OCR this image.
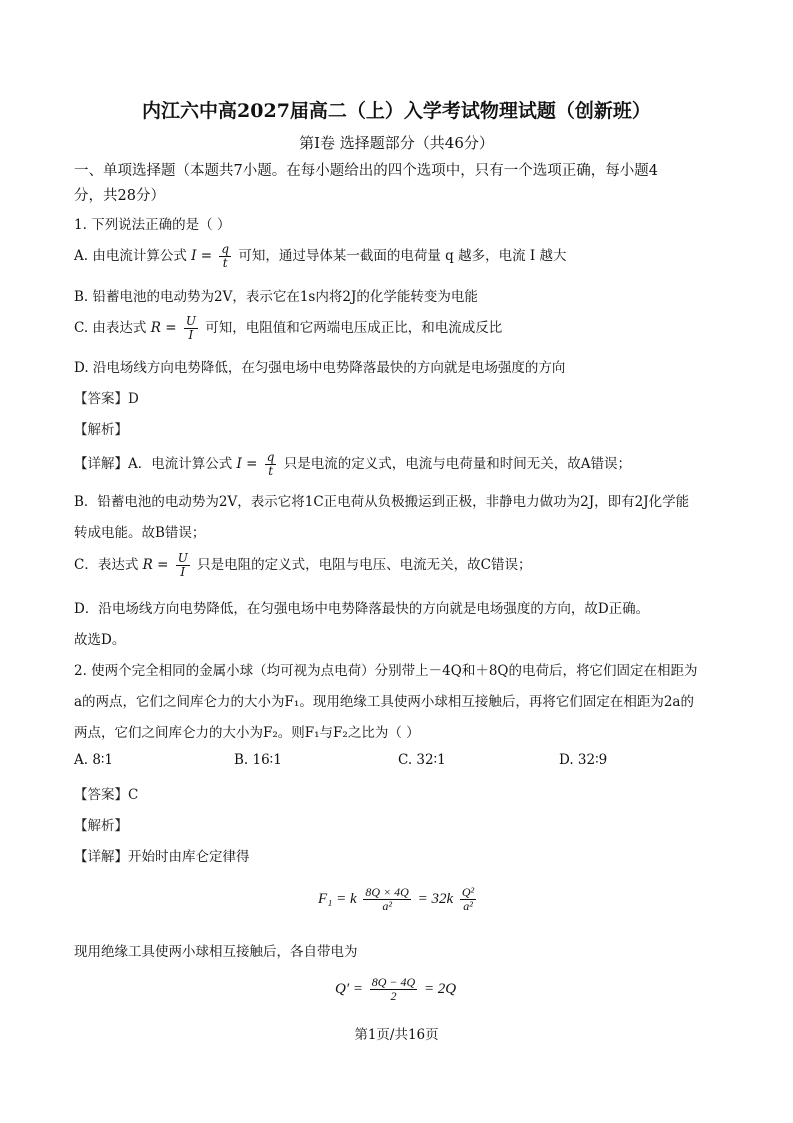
内江六中高2027届高二（上）入学考试物理试题（创新班）
第Ⅰ卷 选择题部分（共46分）
一、单项选择题（本题共7小题。在每小题给出的四个选项中，只有一个选项正确，每小题4
分，共28分）
1. 下列说法正确的是（ ）
A. 由电流计算公式 $I = \frac{q}{t}$ 可知，通过导体某一截面的电荷量 q 越多，电流 I 越大
B. 铅蓄电池的电动势为2V，表示它在1s内将2J的化学能转变为电能
C. 由表达式 $R = \frac{U}{I}$ 可知，电阻值和它两端电压成正比，和电流成反比
D. 沿电场线方向电势降低，在匀强电场中电势降落最快的方向就是电场强度的方向
【答案】D
【解析】
【详解】A．电流计算公式 $I = \frac{q}{t}$ 只是电流的定义式，电流与电荷量和时间无关，故A错误；
B．铅蓄电池的电动势为2V，表示它将1C正电荷从负极搬运到正极，非静电力做功为2J，即有2J化学能
转成电能。故B错误；
C．表达式 $R = \frac{U}{I}$ 只是电阻的定义式，电阻与电压、电流无关，故C错误；
D．沿电场线方向电势降低，在匀强电场中电势降落最快的方向就是电场强度的方向，故D正确。
故选D。
2. 使两个完全相同的金属小球（均可视为点电荷）分别带上－4Q和＋8Q的电荷后，将它们固定在相距为
a的两点，它们之间库仑力的大小为F₁。现用绝缘工具使两小球相互接触后，再将它们固定在相距为2a的
两点，它们之间库仑力的大小为F₂。则F₁与F₂之比为（ ）
A. 8∶1	B. 16∶1	C. 32∶1	D. 32∶9
【答案】C
【解析】
【详解】开始时由库仑定律得
F₁ = k $\frac{8Q \times 4Q}{\text{a²}} = 32k \frac{\text{Q²}}{\text{a²}}$
现用绝缘工具使两小球相互接触后，各自带电为
$Q' = \frac{8Q - 4Q}{2} = 2Q$
第1页/共16页
